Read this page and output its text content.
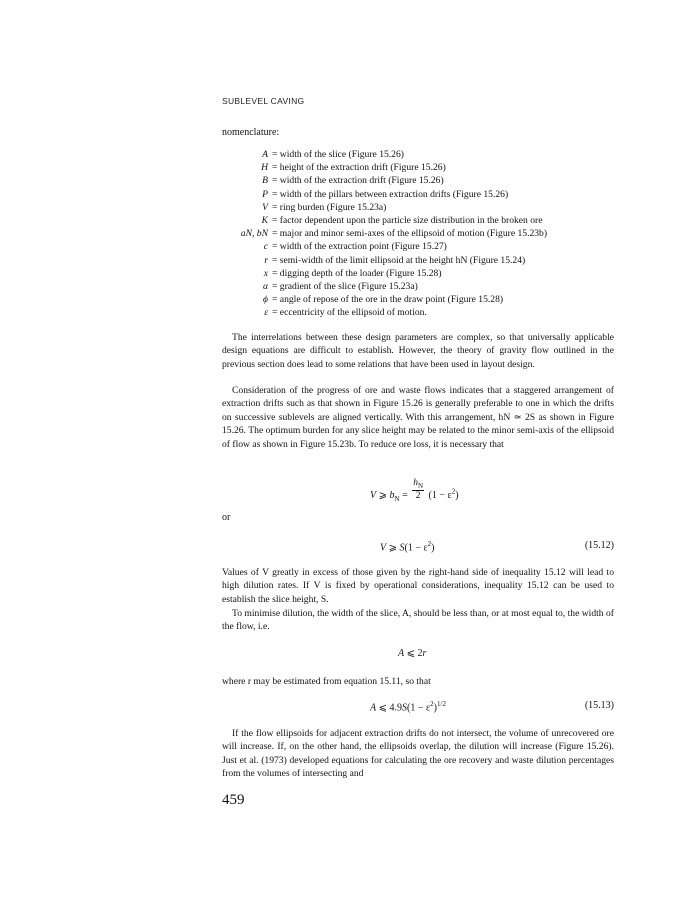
SUBLEVEL CAVING
nomenclature:
A = width of the slice (Figure 15.26)
H = height of the extraction drift (Figure 15.26)
B = width of the extraction drift (Figure 15.26)
P = width of the pillars between extraction drifts (Figure 15.26)
V = ring burden (Figure 15.23a)
K = factor dependent upon the particle size distribution in the broken ore
aN, bN = major and minor semi-axes of the ellipsoid of motion (Figure 15.23b)
c = width of the extraction point (Figure 15.27)
r = semi-width of the limit ellipsoid at the height hN (Figure 15.24)
x = digging depth of the loader (Figure 15.28)
α = gradient of the slice (Figure 15.23a)
ϕ = angle of repose of the ore in the draw point (Figure 15.28)
ε = eccentricity of the ellipsoid of motion.

The interrelations between these design parameters are complex, so that universally applicable design equations are difficult to establish. However, the theory of gravity flow outlined in the previous section does lead to some relations that have been used in layout design.

Consideration of the progress of ore and waste flows indicates that a staggered arrangement of extraction drifts such as that shown in Figure 15.26 is generally preferable to one in which the drifts on successive sublevels are aligned vertically. With this arrangement, hN ≃ 2S as shown in Figure 15.26. The optimum burden for any slice height may be related to the minor semi-axis of the ellipsoid of flow as shown in Figure 15.23b. To reduce ore loss, it is necessary that

V ⩾ $b_N = \frac{h_N}{2} (1 - \varepsilon^2)$
or
V ⩾ $S(1 - \varepsilon^2)$	(15.12)

Values of V greatly in excess of those given by the right-hand side of inequality 15.12 will lead to high dilution rates. If V is fixed by operational considerations, inequality 15.12 can be used to establish the slice height, S.

To minimise dilution, the width of the slice, A, should be less than, or at most equal to, the width of the flow, i.e.

A ⩽ 2r

where r may be estimated from equation 15.11, so that

A ⩽ $4.9S(1 - \varepsilon^2)^{1/2}$	(15.13)

If the flow ellipsoids for adjacent extraction drifts do not intersect, the volume of unrecovered ore will increase. If, on the other hand, the ellipsoids overlap, the dilution will increase (Figure 15.26). Just et al. (1973) developed equations for calculating the ore recovery and waste dilution percentages from the volumes of intersecting and

459
